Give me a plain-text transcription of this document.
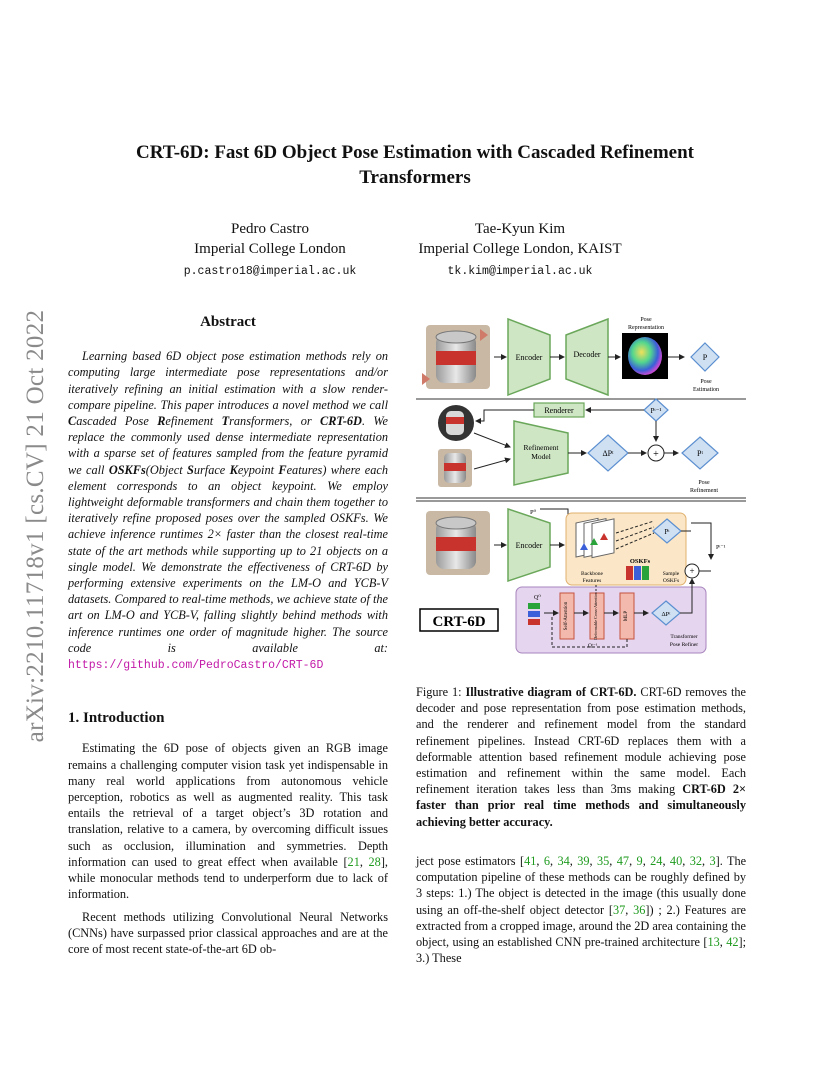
arXiv:2210.11718v1 [cs.CV] 21 Oct 2022
CRT-6D: Fast 6D Object Pose Estimation with Cascaded Refinement Transformers
Pedro Castro
Imperial College London
p.castro18@imperial.ac.uk
Tae-Kyun Kim
Imperial College London, KAIST
tk.kim@imperial.ac.uk
Abstract

Learning based 6D object pose estimation methods rely on computing large intermediate pose representations and/or iteratively refining an initial estimation with a slow render-compare pipeline. This paper introduces a novel method we call Cascaded Pose Refinement Transformers, or CRT-6D. We replace the commonly used dense intermediate representation with a sparse set of features sampled from the feature pyramid we call OSKFs(Object Surface Keypoint Features) where each element corresponds to an object keypoint. We employ lightweight deformable transformers and chain them together to iteratively refine proposed poses over the sampled OSKFs. We achieve inference runtimes 2× faster than the closest real-time state of the art methods while supporting up to 21 objects on a single model. We demonstrate the effectiveness of CRT-6D by performing extensive experiments on the LM-O and YCB-V datasets. Compared to real-time methods, we achieve state of the art on LM-O and YCB-V, falling slightly behind methods with inference runtimes one order of magnitude higher. The source code is available at: https://github.com/PedroCastro/CRT-6D

1. Introduction

Estimating the 6D pose of objects given an RGB image remains a challenging computer vision task yet indispensable in many real world applications from autonomous vehicle perception, robotics as well as augmented reality. This task entails the retrieval of a target object’s 3D rotation and translation, relative to a camera, by overcoming difficult issues such as occlusion, illumination and symmetries. Depth information can used to great effect when available [21, 28], while monocular methods tend to underperform due to lack of information.

Recent methods utilizing Convolutional Neural Networks (CNNs) have surpassed prior classical approaches and are at the core of most recent state-of-the-art 6D ob-

Encoder	Decoder
Pose
Representation
P
Pose
Estimation
Renderer	Pᵗ⁻¹
Refinement
Model	ΔPᵗ	+	Pᵗ
Pose
Refinement
Encoder
P⁰
OSKFs
Backbone
Features
Sample
OSKFs
Pᵗ
Pᵗ⁻¹
+
Q⁰
Self-Attention	Deformable Cross-Attention	MLP	ΔPᵗ
Qᵗ⁻¹
Transformer
Pose Refiner
CRT-6D

Figure 1: Illustrative diagram of CRT-6D. CRT-6D removes the decoder and pose representation from pose estimation methods, and the renderer and refinement model from the standard refinement pipelines. Instead CRT-6D replaces them with a deformable attention based refinement module achieving pose estimation and refinement within the same model. Each refinement iteration takes less than 3ms making CRT-6D 2× faster than prior real time methods and simultaneously achieving better accuracy.

ject pose estimators [41, 6, 34, 39, 35, 47, 9, 24, 40, 32, 3]. The computation pipeline of these methods can be roughly defined by 3 steps: 1.) The object is detected in the image (this usually done using an off-the-shelf object detector [37, 36]) ; 2.) Features are extracted from a cropped image, around the 2D area containing the object, using an established CNN pre-trained architecture [13, 42]; 3.) These
